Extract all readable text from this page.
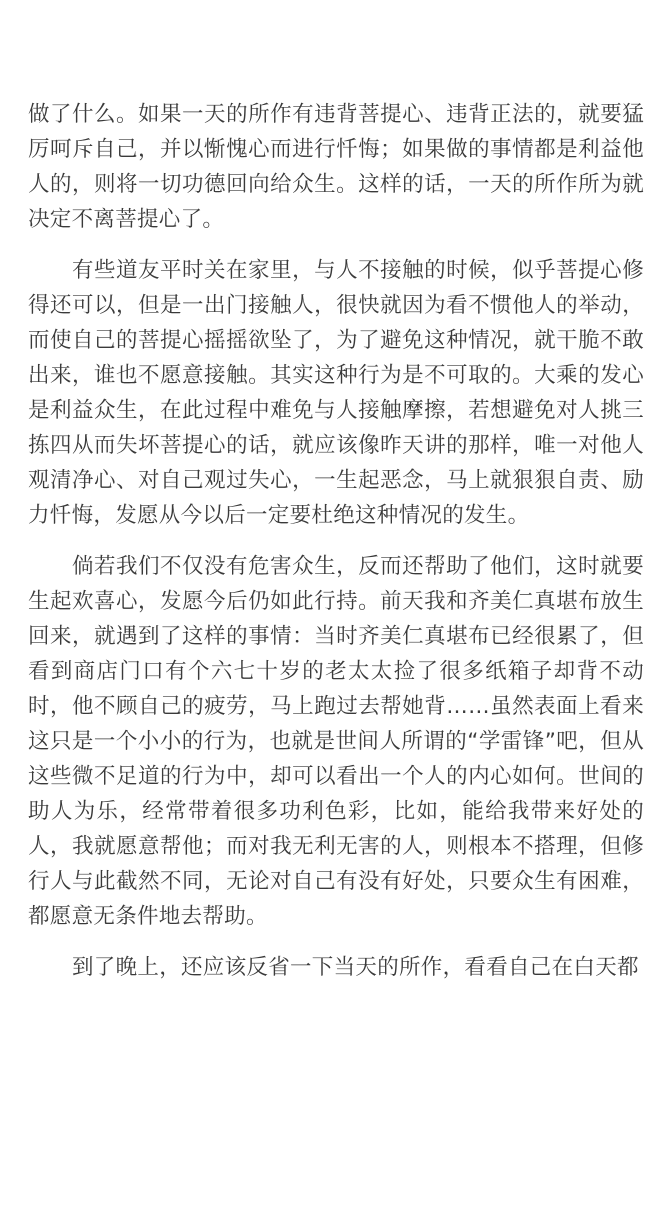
做了什么。如果一天的所作有违背菩提心、违背正法的，就要猛厉呵斥自己，并以惭愧心而进行忏悔；如果做的事情都是利益他人的，则将一切功德回向给众生。这样的话，一天的所作所为就决定不离菩提心了。

有些道友平时关在家里，与人不接触的时候，似乎菩提心修得还可以，但是一出门接触人，很快就因为看不惯他人的举动，而使自己的菩提心摇摇欲坠了，为了避免这种情况，就干脆不敢出来，谁也不愿意接触。其实这种行为是不可取的。大乘的发心是利益众生，在此过程中难免与人接触摩擦，若想避免对人挑三拣四从而失坏菩提心的话，就应该像昨天讲的那样，唯一对他人观清净心、对自己观过失心，一生起恶念，马上就狠狠自责、励力忏悔，发愿从今以后一定要杜绝这种情况的发生。

倘若我们不仅没有危害众生，反而还帮助了他们，这时就要生起欢喜心，发愿今后仍如此行持。前天我和齐美仁真堪布放生回来，就遇到了这样的事情：当时齐美仁真堪布已经很累了，但看到商店门口有个六七十岁的老太太捡了很多纸箱子却背不动时，他不顾自己的疲劳，马上跑过去帮她背……虽然表面上看来这只是一个小小的行为，也就是世间人所谓的“学雷锋”吧，但从这些微不足道的行为中，却可以看出一个人的内心如何。世间的助人为乐，经常带着很多功利色彩，比如，能给我带来好处的人，我就愿意帮他；而对我无利无害的人，则根本不搭理，但修行人与此截然不同，无论对自己有没有好处，只要众生有困难，都愿意无条件地去帮助。

到了晚上，还应该反省一下当天的所作，看看自己在白天都
